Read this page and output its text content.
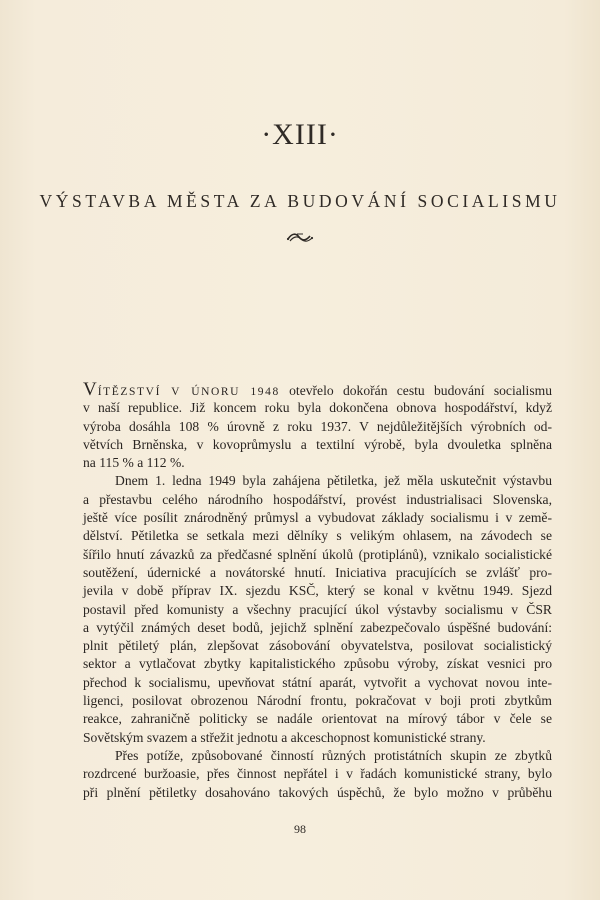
·XIII·
VÝSTAVBA MĚSTA ZA BUDOVÁNÍ SOCIALISMU
VÍTĚZSTVÍ V ÚNORU 1948 otevřelo dokořán cestu budování socialismu
v naší republice. Již koncem roku byla dokončena obnova hospodářství, když
výroba dosáhla 108 % úrovně z roku 1937. V nejdůležitějších výrobních od-
větvích Brněnska, v kovoprůmyslu a textilní výrobě, byla dvouletka splněna
na 115 % a 112 %.
Dnem 1. ledna 1949 byla zahájena pětiletka, jež měla uskutečnit výstavbu
a přestavbu celého národního hospodářství, provést industrialisaci Slovenska,
ještě více posílit znárodněný průmysl a vybudovat základy socialismu i v země-
dělství. Pětiletka se setkala mezi dělníky s velikým ohlasem, na závodech se
šířilo hnutí závazků za předčasné splnění úkolů (protiplánů), vznikalo socialistické
soutěžení, údernické a novátorské hnutí. Iniciativa pracujících se zvlášť pro-
jevila v době příprav IX. sjezdu KSČ, který se konal v květnu 1949. Sjezd
postavil před komunisty a všechny pracující úkol výstavby socialismu v ČSR
a vytýčil známých deset bodů, jejichž splnění zabezpečovalo úspěšné budování:
plnit pětiletý plán, zlepšovat zásobování obyvatelstva, posilovat socialistický
sektor a vytlačovat zbytky kapitalistického způsobu výroby, získat vesnici pro
přechod k socialismu, upevňovat státní aparát, vytvořit a vychovat novou inte-
ligenci, posilovat obrozenou Národní frontu, pokračovat v boji proti zbytkům
reakce, zahraničně politicky se nadále orientovat na mírový tábor v čele se
Sovětským svazem a střežit jednotu a akceschopnost komunistické strany.
Přes potíže, způsobované činností různých protistátních skupin ze zbytků
rozdrcené buržoasie, přes činnost nepřátel i v řadách komunistické strany, bylo
při plnění pětiletky dosahováno takových úspěchů, že bylo možno v průběhu
98
